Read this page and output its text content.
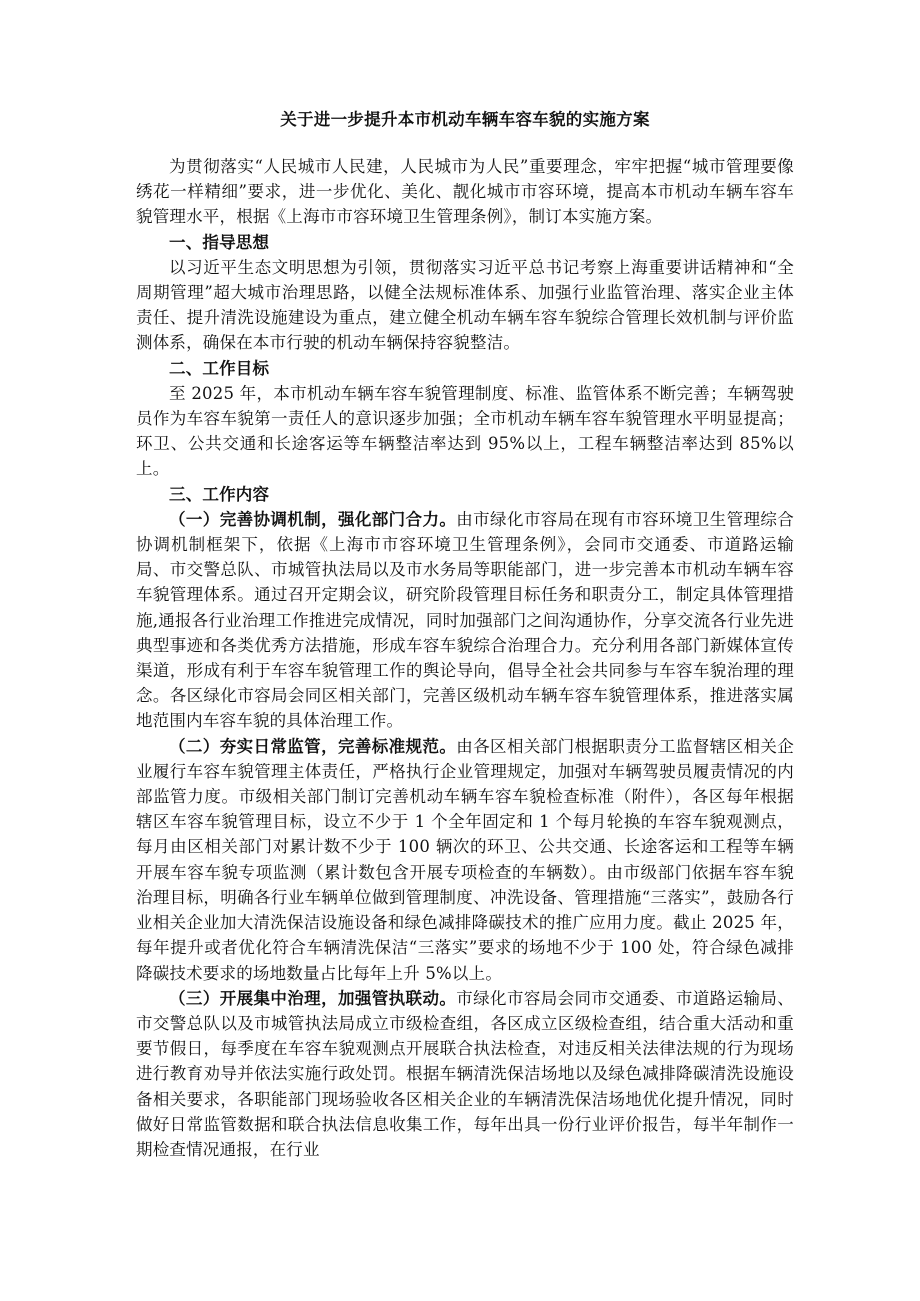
关于进一步提升本市机动车辆车容车貌的实施方案

为贯彻落实“人民城市人民建，人民城市为人民”重要理念，牢牢把握“城市管理要像绣花一样精细”要求，进一步优化、美化、靓化城市市容环境，提高本市机动车辆车容车貌管理水平，根据《上海市市容环境卫生管理条例》，制订本实施方案。

一、指导思想

以习近平生态文明思想为引领，贯彻落实习近平总书记考察上海重要讲话精神和“全周期管理”超大城市治理思路，以健全法规标准体系、加强行业监管治理、落实企业主体责任、提升清洗设施建设为重点，建立健全机动车辆车容车貌综合管理长效机制与评价监测体系，确保在本市行驶的机动车辆保持容貌整洁。

二、工作目标

至 2025 年，本市机动车辆车容车貌管理制度、标准、监管体系不断完善；车辆驾驶员作为车容车貌第一责任人的意识逐步加强；全市机动车辆车容车貌管理水平明显提高；环卫、公共交通和长途客运等车辆整洁率达到 95%以上，工程车辆整洁率达到 85%以上。

三、工作内容

（一）完善协调机制，强化部门合力。由市绿化市容局在现有市容环境卫生管理综合协调机制框架下，依据《上海市市容环境卫生管理条例》，会同市交通委、市道路运输局、市交警总队、市城管执法局以及市水务局等职能部门，进一步完善本市机动车辆车容车貌管理体系。通过召开定期会议，研究阶段管理目标任务和职责分工，制定具体管理措施,通报各行业治理工作推进完成情况，同时加强部门之间沟通协作，分享交流各行业先进典型事迹和各类优秀方法措施，形成车容车貌综合治理合力。充分利用各部门新媒体宣传渠道，形成有利于车容车貌管理工作的舆论导向，倡导全社会共同参与车容车貌治理的理念。各区绿化市容局会同区相关部门，完善区级机动车辆车容车貌管理体系，推进落实属地范围内车容车貌的具体治理工作。

（二）夯实日常监管，完善标准规范。由各区相关部门根据职责分工监督辖区相关企业履行车容车貌管理主体责任，严格执行企业管理规定，加强对车辆驾驶员履责情况的内部监管力度。市级相关部门制订完善机动车辆车容车貌检查标准（附件），各区每年根据辖区车容车貌管理目标，设立不少于 1 个全年固定和 1 个每月轮换的车容车貌观测点，每月由区相关部门对累计数不少于 100 辆次的环卫、公共交通、长途客运和工程等车辆开展车容车貌专项监测（累计数包含开展专项检查的车辆数）。由市级部门依据车容车貌治理目标，明确各行业车辆单位做到管理制度、冲洗设备、管理措施“三落实”，鼓励各行业相关企业加大清洗保洁设施设备和绿色减排降碳技术的推广应用力度。截止 2025 年，每年提升或者优化符合车辆清洗保洁“三落实”要求的场地不少于 100 处，符合绿色减排降碳技术要求的场地数量占比每年上升 5%以上。

（三）开展集中治理，加强管执联动。市绿化市容局会同市交通委、市道路运输局、市交警总队以及市城管执法局成立市级检查组，各区成立区级检查组，结合重大活动和重要节假日，每季度在车容车貌观测点开展联合执法检查，对违反相关法律法规的行为现场进行教育劝导并依法实施行政处罚。根据车辆清洗保洁场地以及绿色减排降碳清洗设施设备相关要求，各职能部门现场验收各区相关企业的车辆清洗保洁场地优化提升情况，同时做好日常监管数据和联合执法信息收集工作，每年出具一份行业评价报告，每半年制作一期检查情况通报，在行业
